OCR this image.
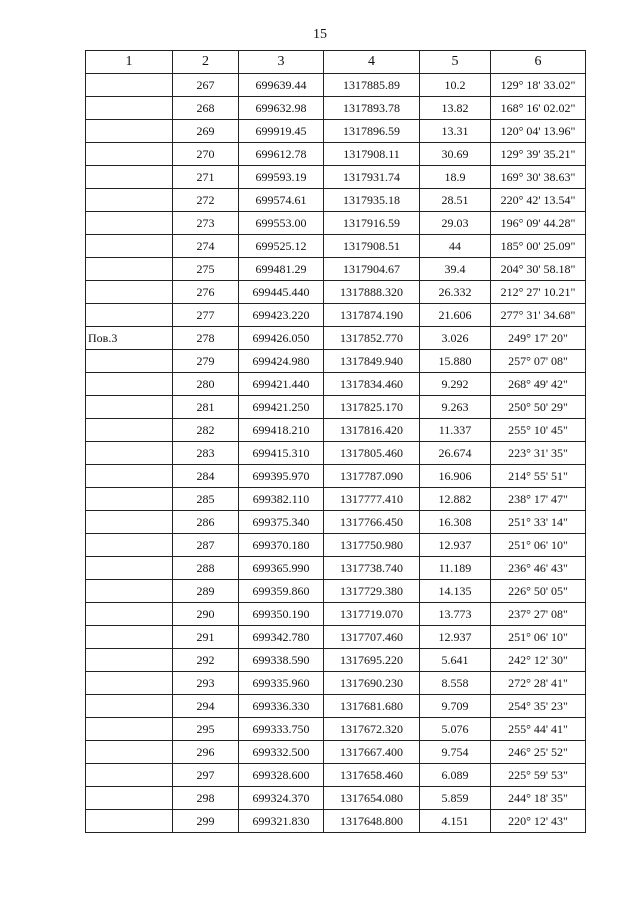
15
1	2	3	4	5	6
	267	699639.44	1317885.89	10.2	129° 18' 33.02"
	268	699632.98	1317893.78	13.82	168° 16' 02.02"
	269	699919.45	1317896.59	13.31	120° 04' 13.96"
	270	699612.78	1317908.11	30.69	129° 39' 35.21"
	271	699593.19	1317931.74	18.9	169° 30' 38.63"
	272	699574.61	1317935.18	28.51	220° 42' 13.54"
	273	699553.00	1317916.59	29.03	196° 09' 44.28"
	274	699525.12	1317908.51	44	185° 00' 25.09"
	275	699481.29	1317904.67	39.4	204° 30' 58.18"
	276	699445.440	1317888.320	26.332	212° 27' 10.21"
	277	699423.220	1317874.190	21.606	277° 31' 34.68"
Пов.3	278	699426.050	1317852.770	3.026	249° 17' 20"
	279	699424.980	1317849.940	15.880	257° 07' 08"
	280	699421.440	1317834.460	9.292	268° 49' 42"
	281	699421.250	1317825.170	9.263	250° 50' 29"
	282	699418.210	1317816.420	11.337	255° 10' 45"
	283	699415.310	1317805.460	26.674	223° 31' 35"
	284	699395.970	1317787.090	16.906	214° 55' 51"
	285	699382.110	1317777.410	12.882	238° 17' 47"
	286	699375.340	1317766.450	16.308	251° 33' 14"
	287	699370.180	1317750.980	12.937	251° 06' 10"
	288	699365.990	1317738.740	11.189	236° 46' 43"
	289	699359.860	1317729.380	14.135	226° 50' 05"
	290	699350.190	1317719.070	13.773	237° 27' 08"
	291	699342.780	1317707.460	12.937	251° 06' 10"
	292	699338.590	1317695.220	5.641	242° 12' 30"
	293	699335.960	1317690.230	8.558	272° 28' 41"
	294	699336.330	1317681.680	9.709	254° 35' 23"
	295	699333.750	1317672.320	5.076	255° 44' 41"
	296	699332.500	1317667.400	9.754	246° 25' 52"
	297	699328.600	1317658.460	6.089	225° 59' 53"
	298	699324.370	1317654.080	5.859	244° 18' 35"
	299	699321.830	1317648.800	4.151	220° 12' 43"
